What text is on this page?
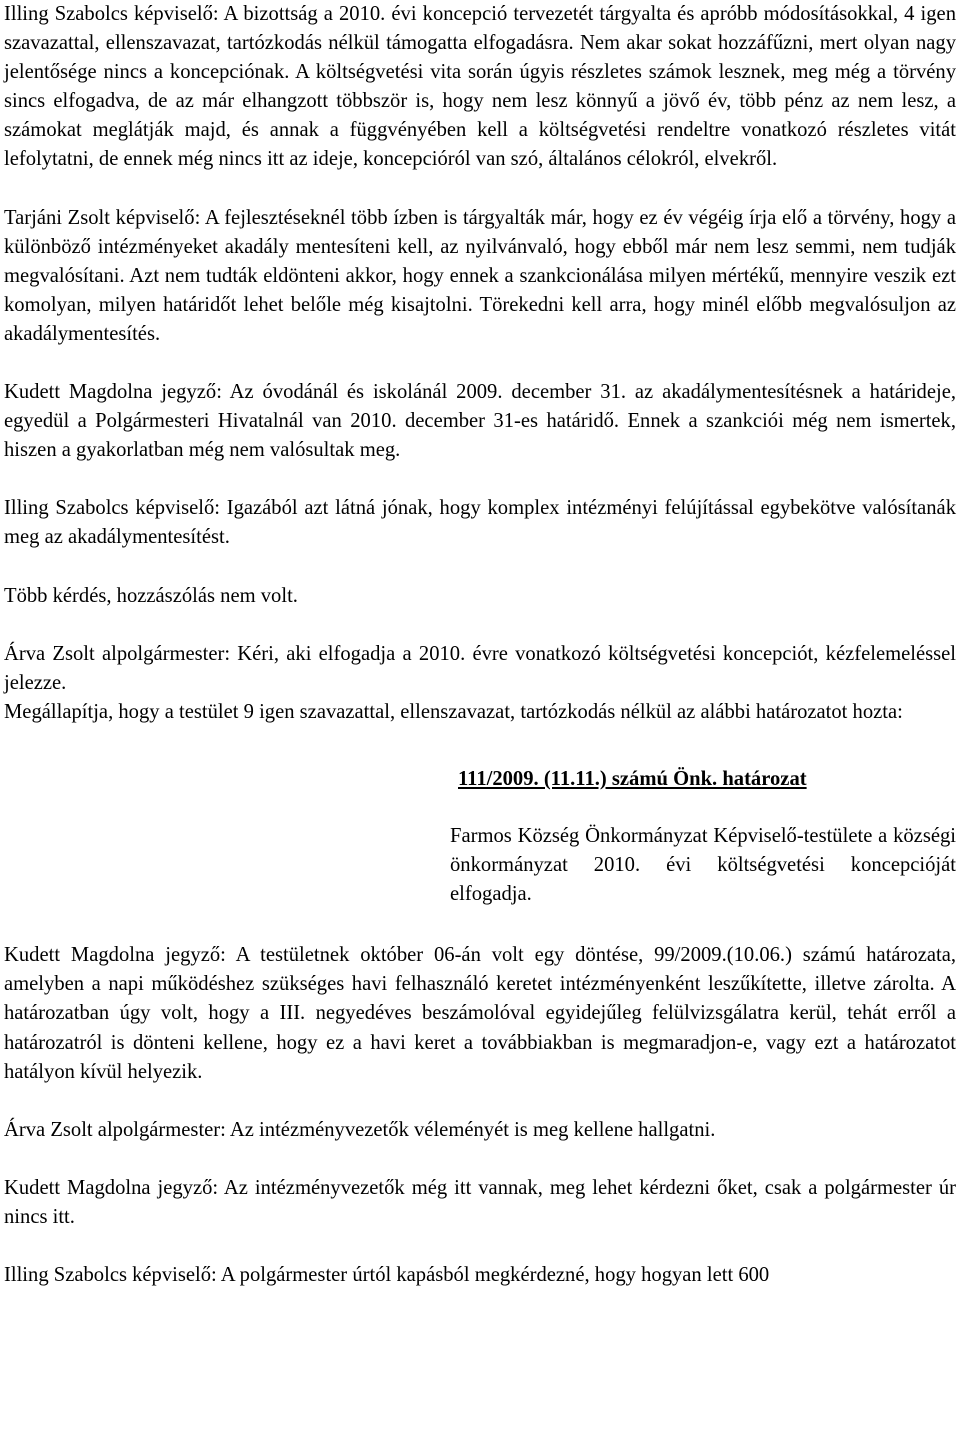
Illing Szabolcs képviselő: A bizottság a 2010. évi koncepció tervezetét tárgyalta és apróbb módosításokkal, 4 igen szavazattal, ellenszavazat, tartózkodás nélkül támogatta elfogadásra. Nem akar sokat hozzáfűzni, mert olyan nagy jelentősége nincs a koncepciónak. A költségvetési vita során úgyis részletes számok lesznek, meg még a törvény sincs elfogadva, de az már elhangzott többször is, hogy nem lesz könnyű a jövő év, több pénz az nem lesz, a számokat meglátják majd, és annak a függvényében kell a költségvetési rendeltre vonatkozó részletes vitát lefolytatni, de ennek még nincs itt az ideje, koncepcióról van szó, általános célokról, elvekről.

Tarjáni Zsolt képviselő: A fejlesztéseknél több ízben is tárgyalták már, hogy ez év végéig írja elő a törvény, hogy a különböző intézményeket akadály mentesíteni kell, az nyilvánvaló, hogy ebből már nem lesz semmi, nem tudják megvalósítani. Azt nem tudták eldönteni akkor, hogy ennek a szankcionálása milyen mértékű, mennyire veszik ezt komolyan, milyen határidőt lehet belőle még kisajtolni. Törekedni kell arra, hogy minél előbb megvalósuljon az akadálymentesítés.

Kudett Magdolna jegyző: Az óvodánál és iskolánál 2009. december 31. az akadálymentesítésnek a határideje, egyedül a Polgármesteri Hivatalnál van 2010. december 31-es határidő. Ennek a szankciói még nem ismertek, hiszen a gyakorlatban még nem valósultak meg.

Illing Szabolcs képviselő: Igazából azt látná jónak, hogy komplex intézményi felújítással egybekötve valósítanák meg az akadálymentesítést.

Több kérdés, hozzászólás nem volt.

Árva Zsolt alpolgármester: Kéri, aki elfogadja a 2010. évre vonatkozó költségvetési koncepciót, kézfelemeléssel jelezze.

Megállapítja, hogy a testület 9 igen szavazattal, ellenszavazat, tartózkodás nélkül az alábbi határozatot hozta:

111/2009. (11.11.) számú Önk. határozat

Farmos Község Önkormányzat Képviselő-testülete a községi önkormányzat 2010. évi költségvetési koncepcióját elfogadja.

Kudett Magdolna jegyző: A testületnek október 06-án volt egy döntése, 99/2009.(10.06.) számú határozata, amelyben a napi működéshez szükséges havi felhasználó keretet intézményenként leszűkítette, illetve zárolta. A határozatban úgy volt, hogy a III. negyedéves beszámolóval egyidejűleg felülvizsgálatra kerül, tehát erről a határozatról is dönteni kellene, hogy ez a havi keret a továbbiakban is megmaradjon-e, vagy ezt a határozatot hatályon kívül helyezik.

Árva Zsolt alpolgármester: Az intézményvezetők véleményét is meg kellene hallgatni.

Kudett Magdolna jegyző: Az intézményvezetők még itt vannak, meg lehet kérdezni őket, csak a polgármester úr nincs itt.

Illing Szabolcs képviselő: A polgármester úrtól kapásból megkérdezné, hogy hogyan lett 600
